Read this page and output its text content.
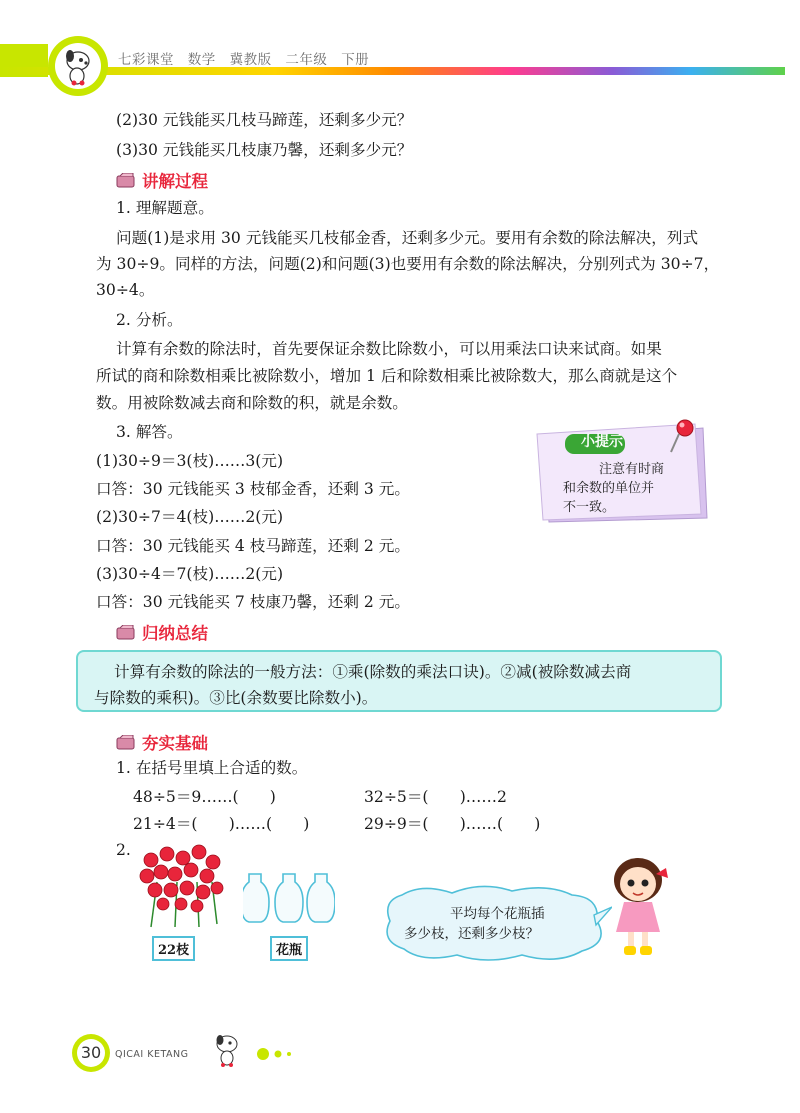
七彩课堂 数学 冀教版 二年级 下册
(2)30 元钱能买几枝马蹄莲，还剩多少元？
(3)30 元钱能买几枝康乃馨，还剩多少元？
讲解过程
1. 理解题意。
问题(1)是求用 30 元钱能买几枝郁金香，还剩多少元。要用有余数的除法解决，列式
为 30÷9。同样的方法，问题(2)和问题(3)也要用有余数的除法解决，分别列式为 30÷7，
30÷4。
2. 分析。
计算有余数的除法时，首先要保证余数比除数小，可以用乘法口诀来试商。如果
所试的商和除数相乘比被除数小，增加 1 后和除数相乘比被除数大，那么商就是这个
数。用被除数减去商和除数的积，就是余数。
3. 解答。
(1)30÷9＝3(枝)……3(元)
口答：30 元钱能买 3 枝郁金香，还剩 3 元。
(2)30÷7＝4(枝)……2(元)
口答：30 元钱能买 4 枝马蹄莲，还剩 2 元。
(3)30÷4＝7(枝)……2(元)
口答：30 元钱能买 7 枝康乃馨，还剩 2 元。
小提示
注意有时商
和余数的单位并
不一致。
归纳总结
计算有余数的除法的一般方法：①乘(除数的乘法口诀)。②减(被除数减去商
与除数的乘积)。③比(余数要比除数小)。
夯实基础
1. 在括号里填上合适的数。
48÷5＝9……(　　)	32÷5＝(　　)……2
21÷4＝(　　)……(　　)	29÷9＝(　　)……(　　)
2.
22枝	花瓶
平均每个花瓶插
多少枝，还剩多少枝？
30	QICAI KETANG
